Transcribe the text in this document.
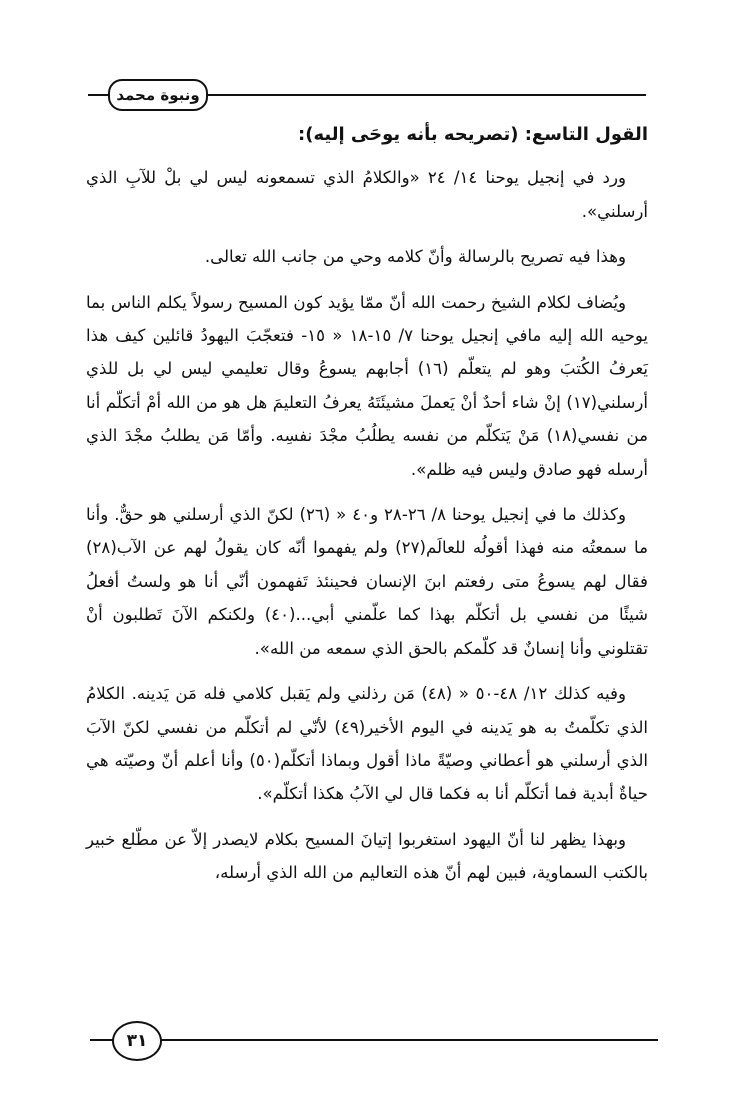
ونبوة محمد

القول التاسع: (تصريحه بأنه يوحَى إليه):

ورد في إنجيل يوحنا ١٤/ ٢٤ «والكلامُ الذي تسمعونه ليس لي بلْ للآبِ الذي أرسلني».

وهذا فيه تصريح بالرسالة وأنّ كلامه وحي من جانب الله تعالى.

ويُضاف لكلام الشيخ رحمت الله أنّ ممّا يؤيد كون المسيح رسولاً يكلم الناس بما يوحيه الله إليه مافي إنجيل يوحنا ٧/ ١٥-١٨ « ١٥- فتعجّبَ اليهودُ قائلين كيف هذا يَعرفُ الكُتبَ وهو لم يتعلّم (١٦) أجابهم يسوعُ وقال تعليمي ليس لي بل للذي أرسلني(١٧) إنْ شاء أحدٌ أنْ يَعملَ مشيئَتَهُ يعرفُ التعليمَ هل هو من الله أمْ أتكلّم أنا من نفسي(١٨) مَنْ يَتكلّم من نفسه يطلُبُ مجْدَ نفسِه. وأمّا مَن يطلبُ مجْدَ الذي أرسله فهو صادق وليس فيه ظلم».

وكذلك ما في إنجيل يوحنا ٨/ ٢٦-٢٨ و٤٠ « (٢٦) لكنّ الذي أرسلني هو حقٌّ. وأنا ما سمعتُه منه فهذا أقولُه للعالَم(٢٧) ولم يفهموا أنّه كان يقولُ لهم عن الآب(٢٨) فقال لهم يسوعُ متى رفعتم ابنَ الإنسان فحينئذ تَفهمون أنّي أنا هو ولستُ أفعلُ شيئًا من نفسي بل أتكلّم بهذا كما علّمني أبي...(٤٠) ولكنكم الآنَ تَطلبون أنْ تقتلوني وأنا إنسانٌ قد كلّمكم بالحق الذي سمعه من الله».

وفيه كذلك ١٢/ ٤٨-٥٠ « (٤٨) مَن رذلني ولم يَقبل كلامي فله مَن يَدينه. الكلامُ الذي تكلّمتُ به هو يَدينه في اليوم الأخير(٤٩) لأنّي لم أتكلّم من نفسي لكنّ الآبَ الذي أرسلني هو أعطاني وصيّةً ماذا أقول وبماذا أتكلّم(٥٠) وأنا أعلم أنّ وصيّته هي حياةٌ أبدية فما أتكلّم أنا به فكما قال لي الآبُ هكذا أتكلّم».

وبهذا يظهر لنا أنّ اليهود استغربوا إتيانَ المسيح بكلام لايصدر إلاّ عن مطّلع خبير بالكتب السماوية، فبين لهم أنّ هذه التعاليم من الله الذي أرسله،

٣١
